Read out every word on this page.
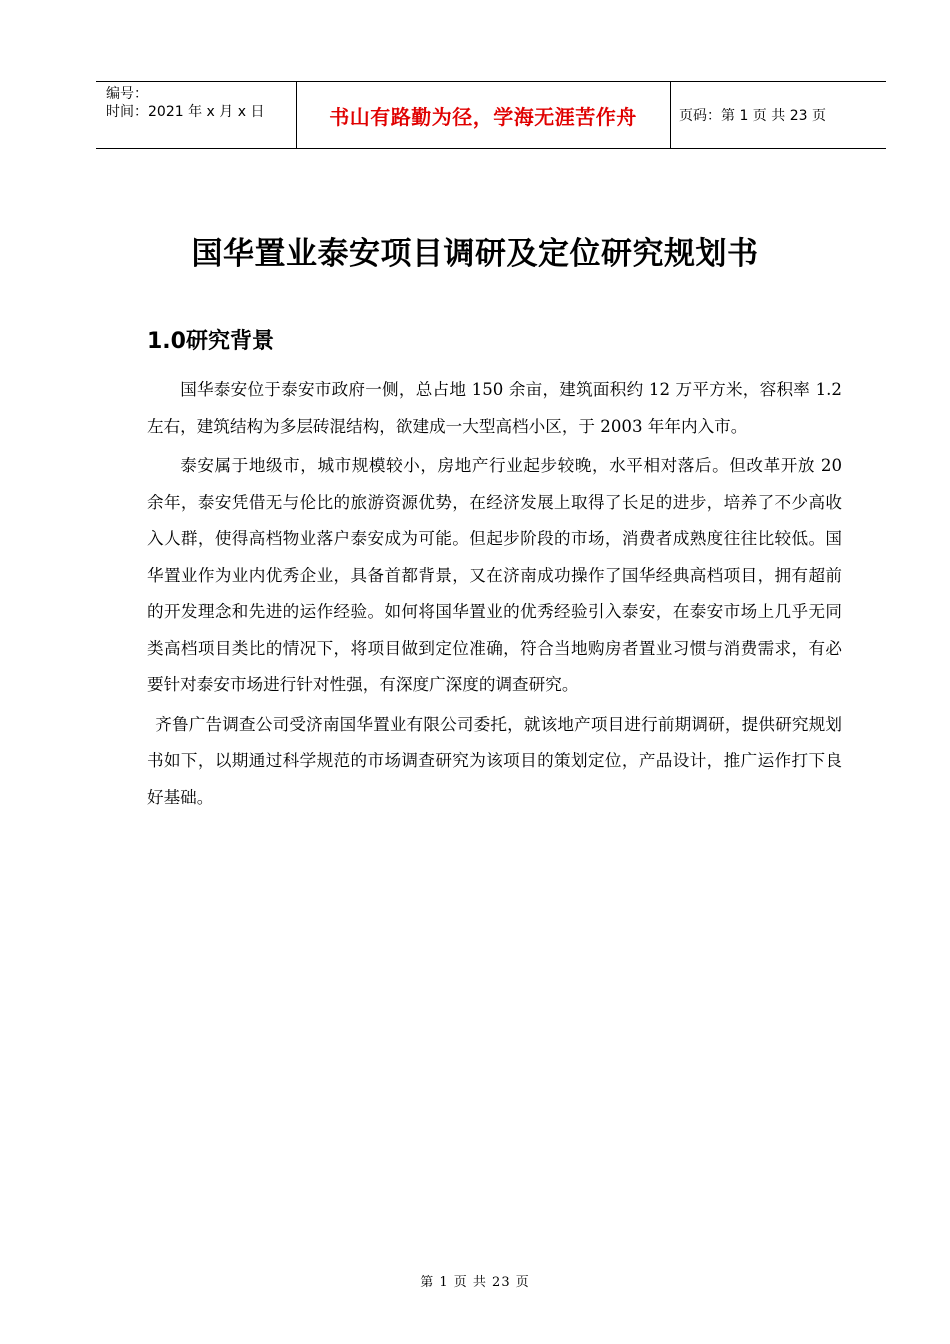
编号：
时间：2021 年 x 月 x 日	书山有路勤为径，学海无涯苦作舟	页码：第 1 页 共 23 页
国华置业泰安项目调研及定位研究规划书
1.0研究背景

国华泰安位于泰安市政府一侧，总占地 150 余亩，建筑面积约 12 万平方米，容积率 1.2 左右，建筑结构为多层砖混结构，欲建成一大型高档小区，于 2003 年年内入市。

泰安属于地级市，城市规模较小，房地产行业起步较晚，水平相对落后。但改革开放 20 余年，泰安凭借无与伦比的旅游资源优势，在经济发展上取得了长足的进步，培养了不少高收入人群，使得高档物业落户泰安成为可能。但起步阶段的市场，消费者成熟度往往比较低。国华置业作为业内优秀企业，具备首都背景，又在济南成功操作了国华经典高档项目，拥有超前的开发理念和先进的运作经验。如何将国华置业的优秀经验引入泰安，在泰安市场上几乎无同类高档项目类比的情况下，将项目做到定位准确，符合当地购房者置业习惯与消费需求，有必要针对泰安市场进行针对性强，有深度广深度的调查研究。

齐鲁广告调查公司受济南国华置业有限公司委托，就该地产项目进行前期调研，提供研究规划书如下，以期通过科学规范的市场调查研究为该项目的策划定位，产品设计，推广运作打下良好基础。

第 1 页 共 23 页
